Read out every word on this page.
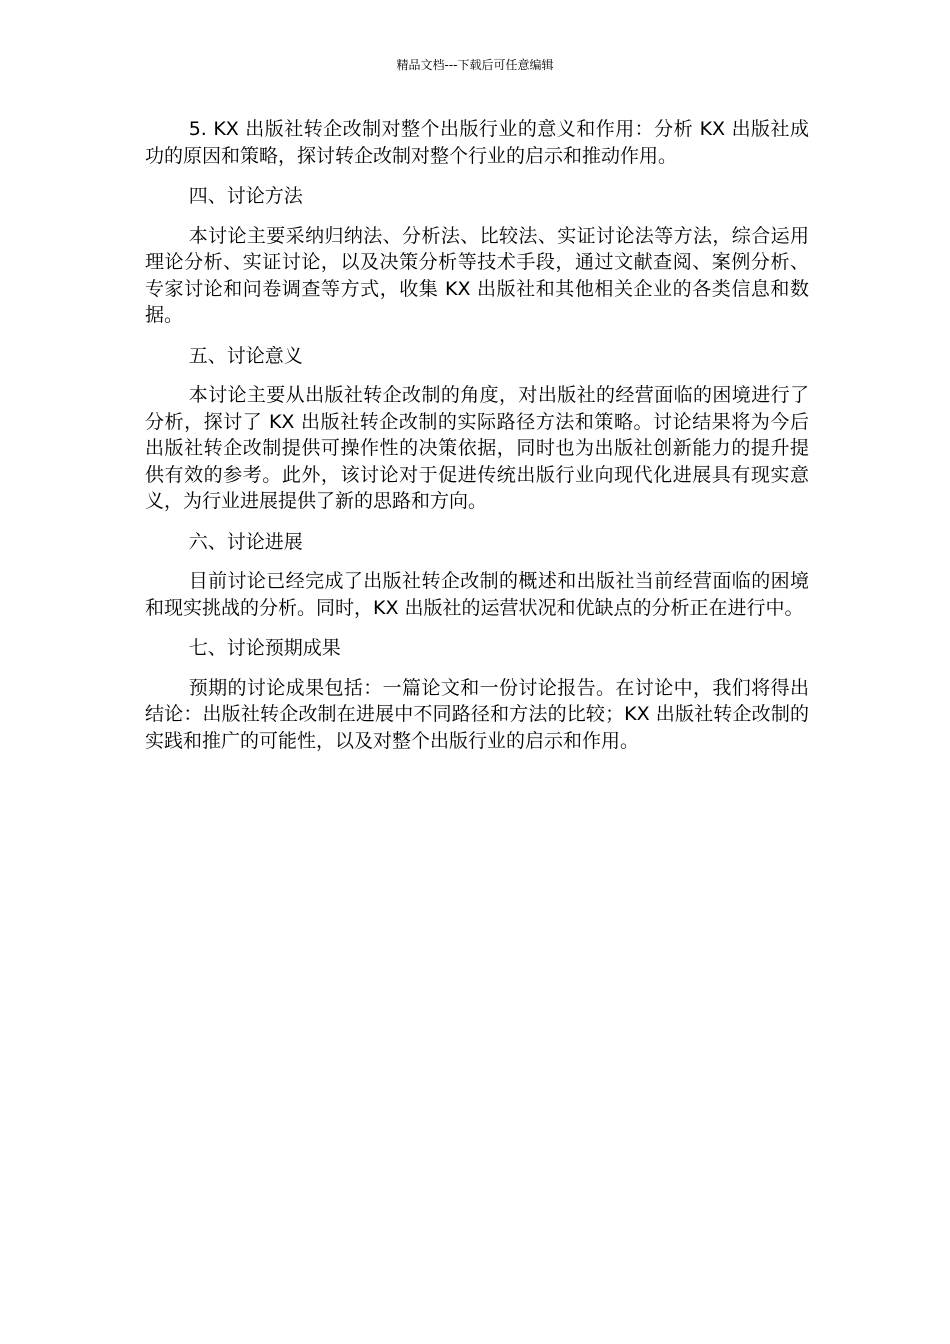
精品文档---下载后可任意编辑

5. KX 出版社转企改制对整个出版行业的意义和作用：分析 KX 出版社成功的原因和策略，探讨转企改制对整个行业的启示和推动作用。

四、讨论方法

本讨论主要采纳归纳法、分析法、比较法、实证讨论法等方法，综合运用理论分析、实证讨论，以及决策分析等技术手段，通过文献查阅、案例分析、专家讨论和问卷调查等方式，收集 KX 出版社和其他相关企业的各类信息和数据。

五、讨论意义

本讨论主要从出版社转企改制的角度，对出版社的经营面临的困境进行了分析，探讨了 KX 出版社转企改制的实际路径方法和策略。讨论结果将为今后出版社转企改制提供可操作性的决策依据，同时也为出版社创新能力的提升提供有效的参考。此外，该讨论对于促进传统出版行业向现代化进展具有现实意义，为行业进展提供了新的思路和方向。

六、讨论进展

目前讨论已经完成了出版社转企改制的概述和出版社当前经营面临的困境和现实挑战的分析。同时，KX 出版社的运营状况和优缺点的分析正在进行中。

七、讨论预期成果

预期的讨论成果包括：一篇论文和一份讨论报告。在讨论中，我们将得出结论：出版社转企改制在进展中不同路径和方法的比较；KX 出版社转企改制的实践和推广的可能性，以及对整个出版行业的启示和作用。
